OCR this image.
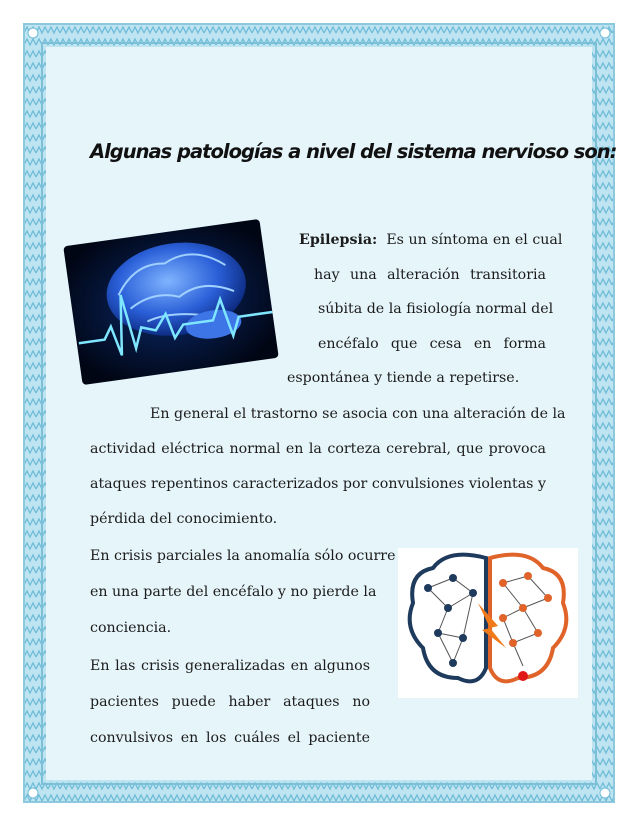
Algunas patologías a nivel del sistema nervioso son:
Epilepsia: Es un síntoma en el cual
hay una alteración transitoria
súbita de la fisiología normal del
encéfalo que cesa en forma
espontánea y tiende a repetirse.
En general el trastorno se asocia con una alteración de la
actividad eléctrica normal en la corteza cerebral, que provoca
ataques repentinos caracterizados por convulsiones violentas y
pérdida del conocimiento.
En crisis parciales la anomalía sólo ocurre
en una parte del encéfalo y no pierde la
conciencia.
En las crisis generalizadas en algunos
pacientes puede haber ataques no
convulsivos en los cuáles el paciente
